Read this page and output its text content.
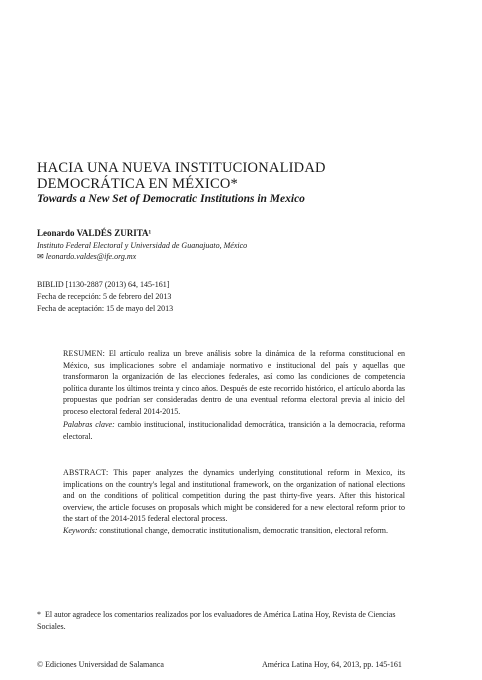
HACIA UNA NUEVA INSTITUCIONALIDAD
DEMOCRÁTICA EN MÉXICO*
Towards a New Set of Democratic Institutions in Mexico
Leonardo VALDÉS ZURITA¹
Instituto Federal Electoral y Universidad de Guanajuato, México
✉ leonardo.valdes@ife.org.mx
BIBLID [1130-2887 (2013) 64, 145-161]
Fecha de recepción: 5 de febrero del 2013
Fecha de aceptación: 15 de mayo del 2013
RESUMEN: El artículo realiza un breve análisis sobre la dinámica de la reforma constitucional en México, sus implicaciones sobre el andamiaje normativo e institucional del país y aquellas que transformaron la organización de las elecciones federales, así como las condiciones de competencia política durante los últimos treinta y cinco años. Después de este recorrido histórico, el artículo aborda las propuestas que podrían ser consideradas dentro de una eventual reforma electoral previa al inicio del proceso electoral federal 2014-2015.
Palabras clave: cambio institucional, institucionalidad democrática, transición a la democracia, reforma electoral.
ABSTRACT: This paper analyzes the dynamics underlying constitutional reform in Mexico, its implications on the country's legal and institutional framework, on the organization of national elections and on the conditions of political competition during the past thirty-five years. After this historical overview, the article focuses on proposals which might be considered for a new electoral reform prior to the start of the 2014-2015 federal electoral process.
Keywords: constitutional change, democratic institutionalism, democratic transition, electoral reform.
* El autor agradece los comentarios realizados por los evaluadores de América Latina Hoy, Revista de Ciencias Sociales.
© Ediciones Universidad de Salamanca	América Latina Hoy, 64, 2013, pp. 145-161
